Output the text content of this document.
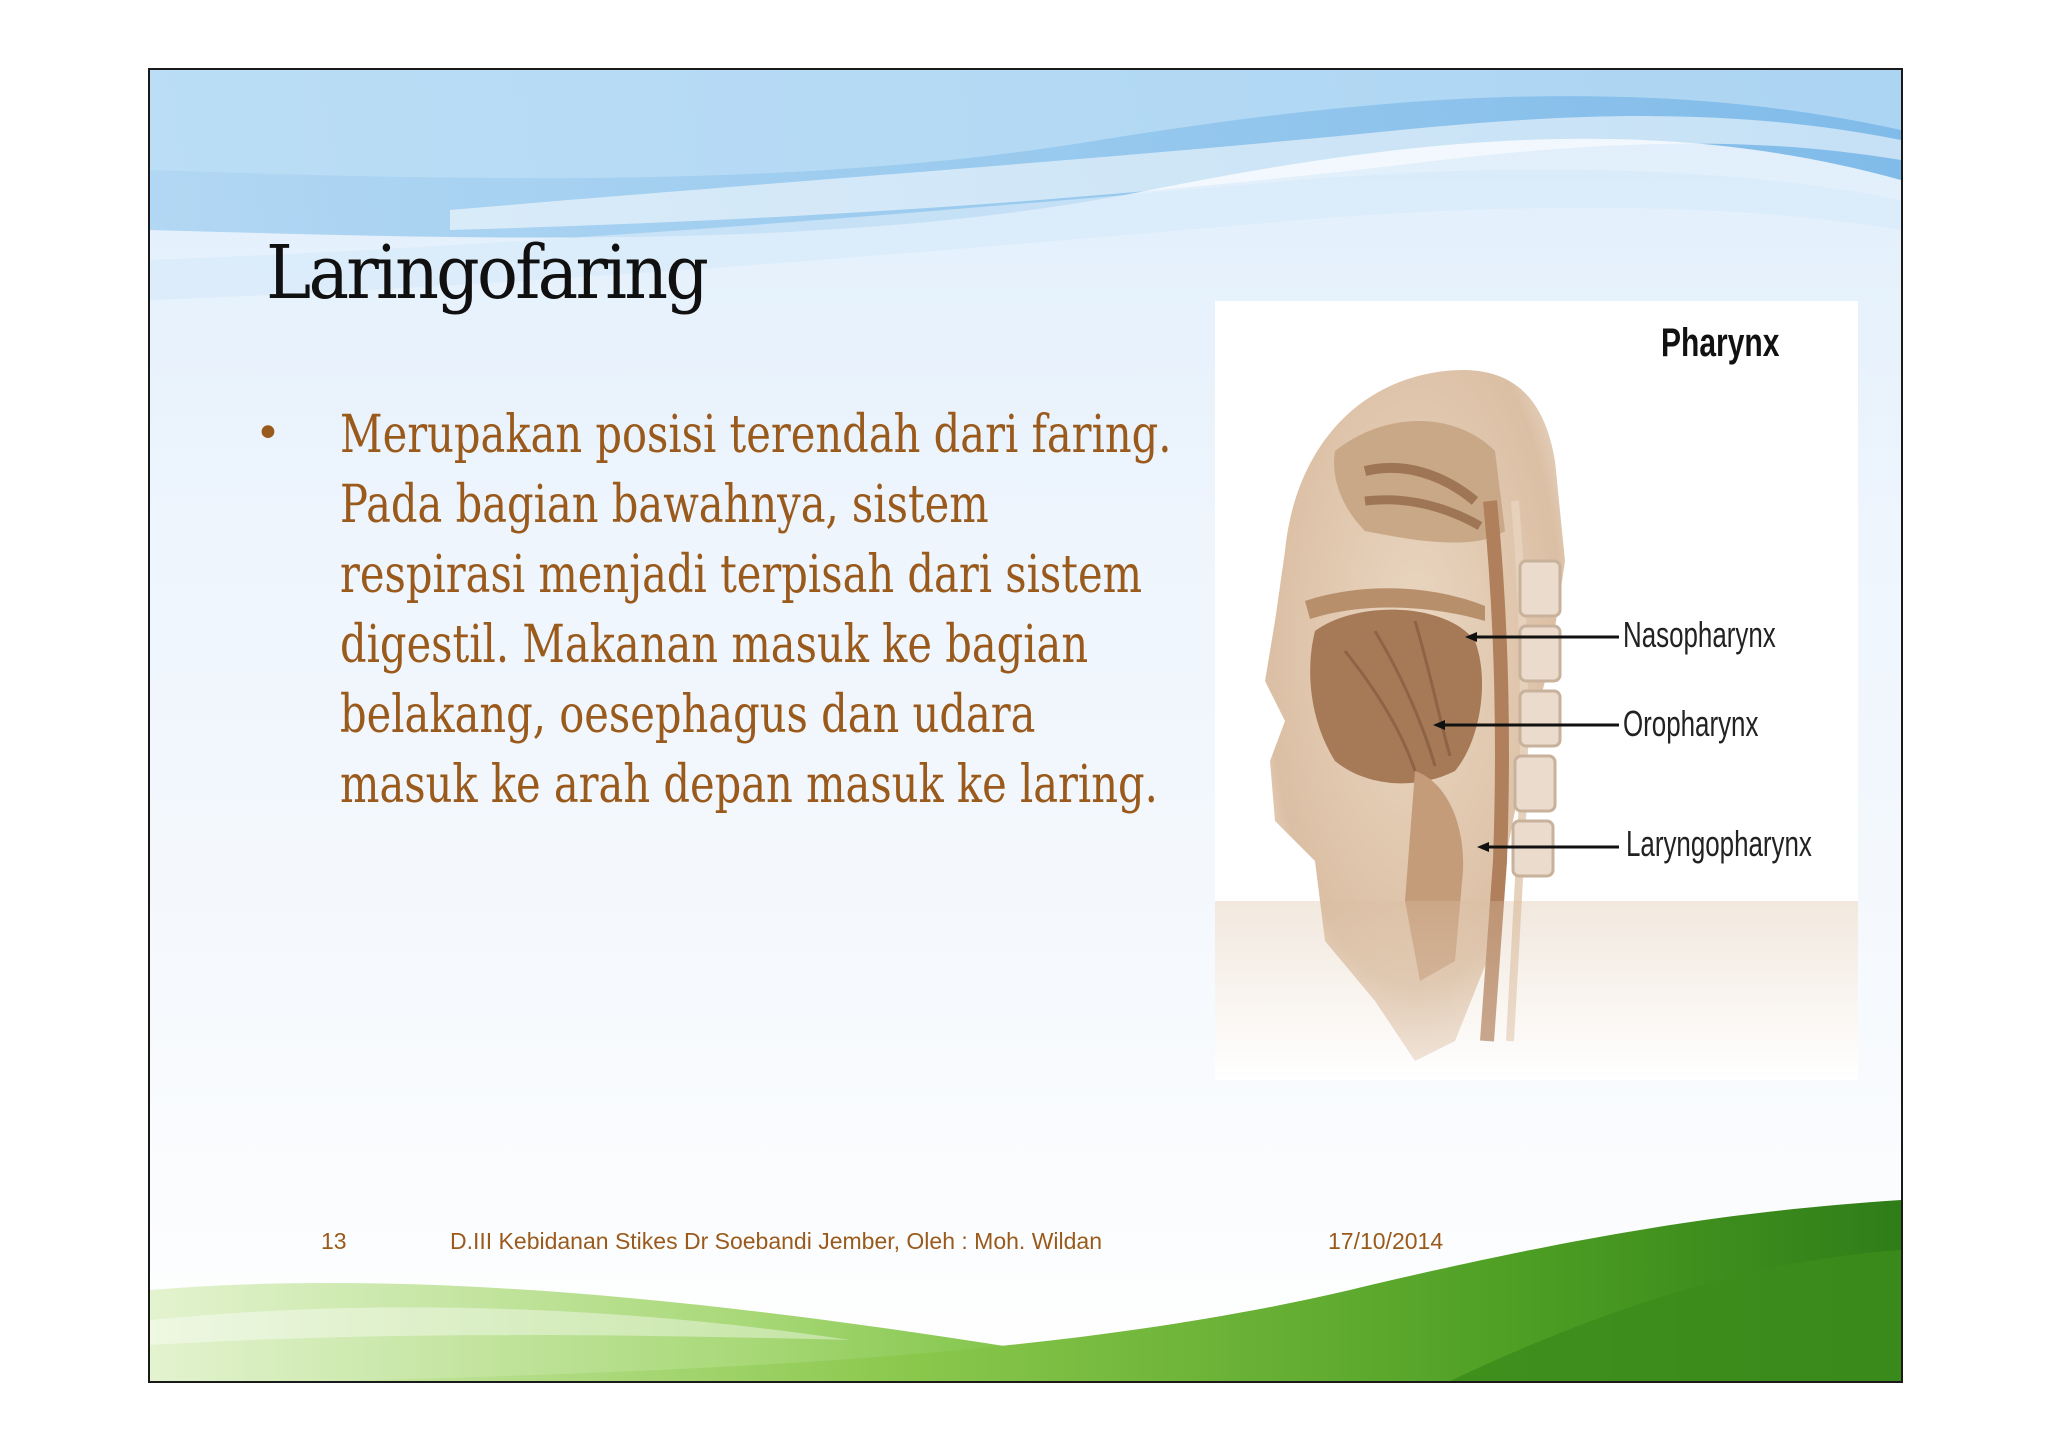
Laringofaring
• Merupakan posisi terendah dari faring. Pada bagian bawahnya, sistem respirasi menjadi terpisah dari sistem digestil. Makanan masuk ke bagian belakang, oesephagus dan udara masuk ke arah depan masuk ke laring.
Pharynx
Nasopharynx
Oropharynx
Laryngopharynx
13	D.III Kebidanan Stikes Dr Soebandi Jember, Oleh : Moh. Wildan	17/10/2014
